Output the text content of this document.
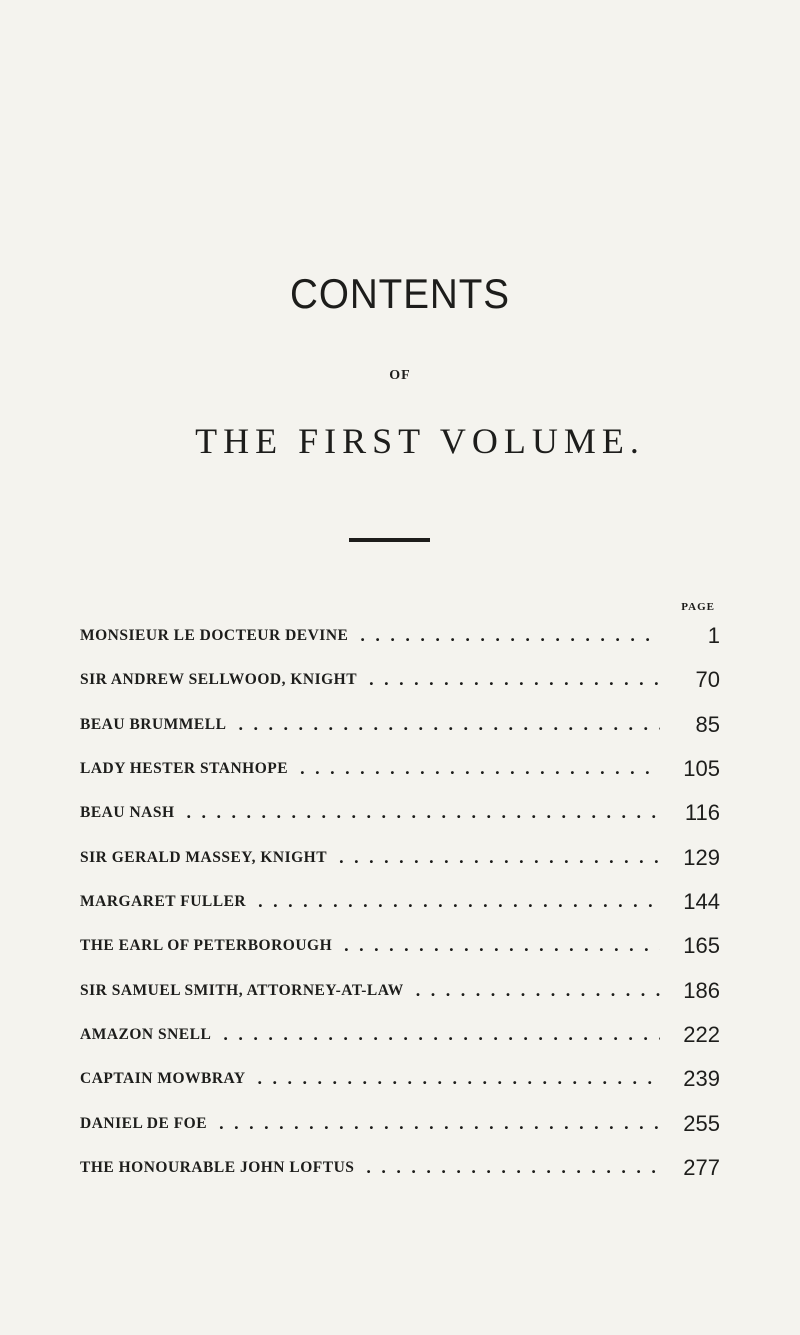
CONTENTS
OF
THE FIRST VOLUME.
PAGE
MONSIEUR LE DOCTEUR DEVINE . . .	1
SIR ANDREW SELLWOOD, KNIGHT . . .	70
BEAU BRUMMELL . . .	85
LADY HESTER STANHOPE . . .	105
BEAU NASH . . .	116
SIR GERALD MASSEY, KNIGHT . . .	129
MARGARET FULLER . . .	144
THE EARL OF PETERBOROUGH . . .	165
SIR SAMUEL SMITH, ATTORNEY-AT-LAW . . .	186
AMAZON SNELL . . .	222
CAPTAIN MOWBRAY . . .	239
DANIEL DE FOE . . .	255
THE HONOURABLE JOHN LOFTUS . . .	277
